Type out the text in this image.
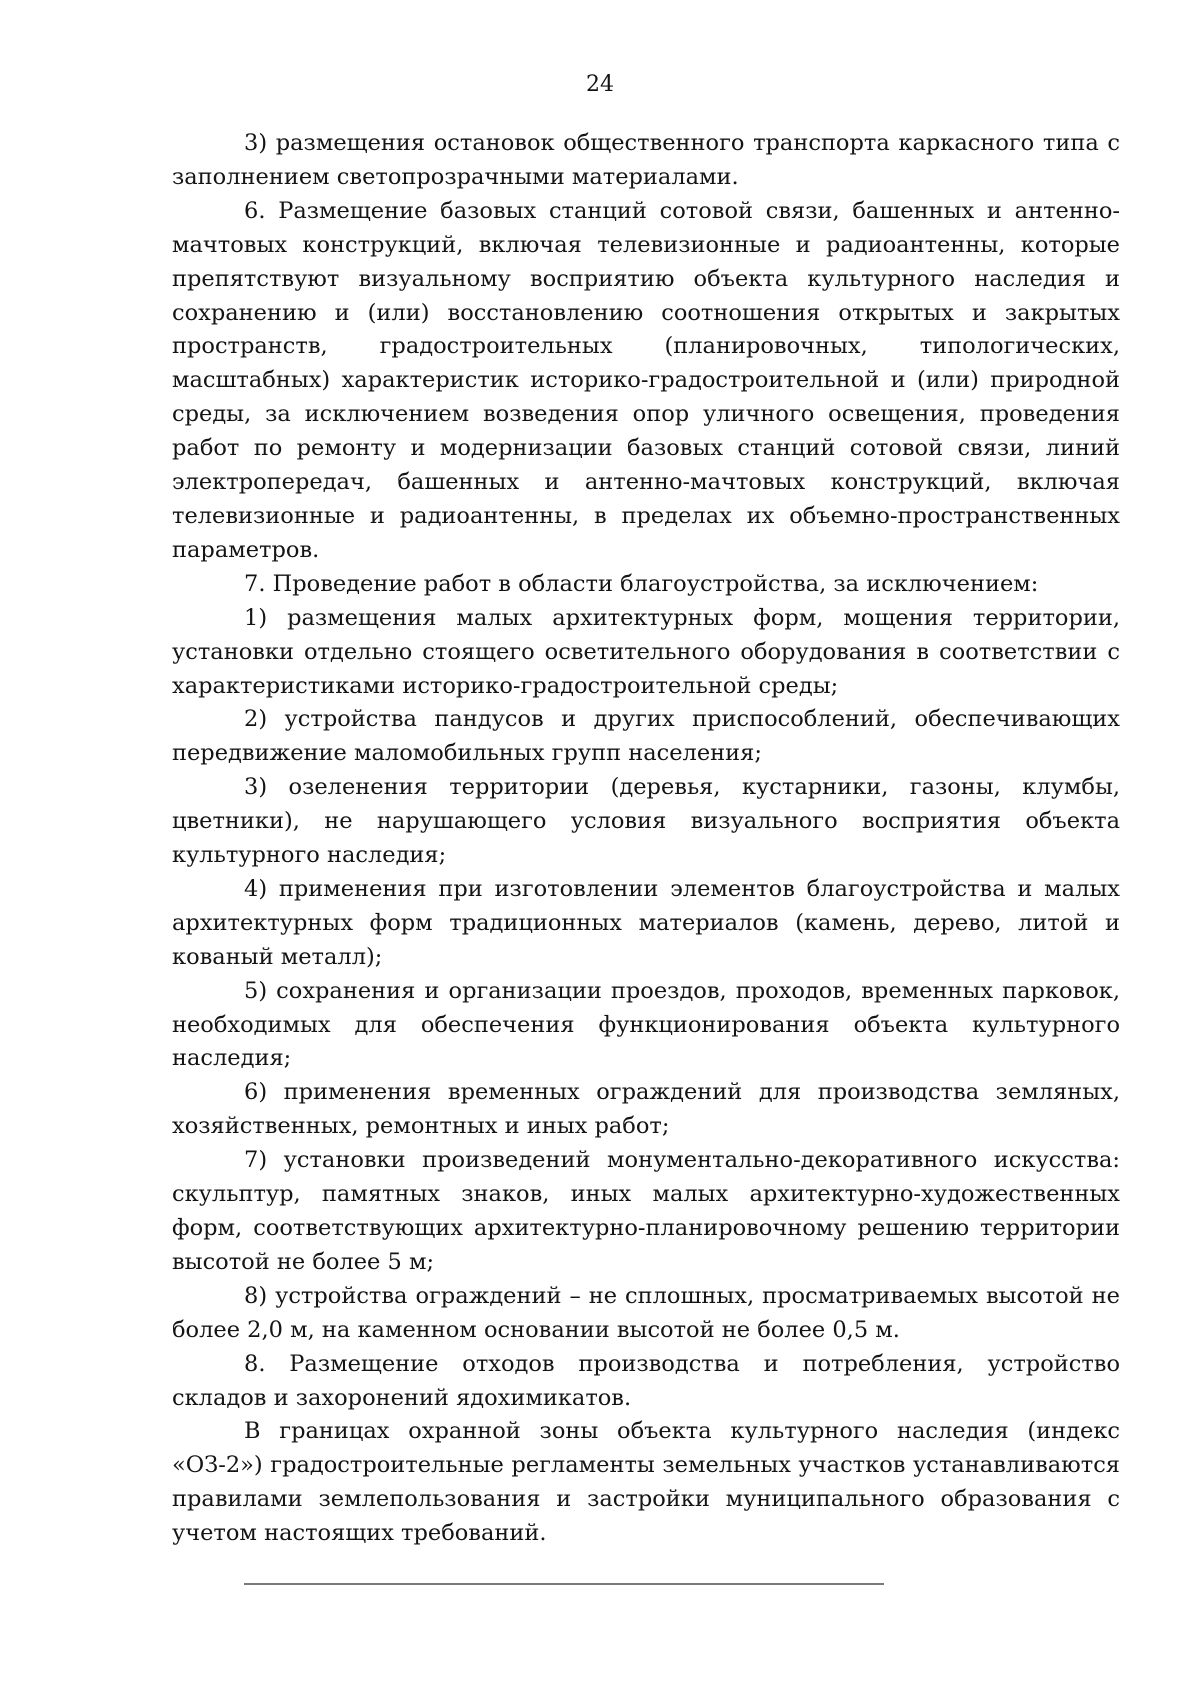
24

3) размещения остановок общественного транспорта каркасного типа с заполнением светопрозрачными материалами.

6. Размещение базовых станций сотовой связи, башенных и антенно-мачтовых конструкций, включая телевизионные и радиоантенны, которые препятствуют визуальному восприятию объекта культурного наследия и сохранению и (или) восстановлению соотношения открытых и закрытых пространств, градостроительных (планировочных, типологических, масштабных) характеристик историко-градостроительной и (или) природной среды, за исключением возведения опор уличного освещения, проведения работ по ремонту и модернизации базовых станций сотовой связи, линий электропередач, башенных и антенно-мачтовых конструкций, включая телевизионные и радиоантенны, в пределах их объемно-пространственных параметров.

7. Проведение работ в области благоустройства, за исключением:

1) размещения малых архитектурных форм, мощения территории, установки отдельно стоящего осветительного оборудования в соответствии с характеристиками историко-градостроительной среды;

2) устройства пандусов и других приспособлений, обеспечивающих передвижение маломобильных групп населения;

3) озеленения территории (деревья, кустарники, газоны, клумбы, цветники), не нарушающего условия визуального восприятия объекта культурного наследия;

4) применения при изготовлении элементов благоустройства и малых архитектурных форм традиционных материалов (камень, дерево, литой и кованый металл);

5) сохранения и организации проездов, проходов, временных парковок, необходимых для обеспечения функционирования объекта культурного наследия;

6) применения временных ограждений для производства земляных, хозяйственных, ремонтных и иных работ;

7) установки произведений монументально-декоративного искусства: скульптур, памятных знаков, иных малых архитектурно-художественных форм, соответствующих архитектурно-планировочному решению территории высотой не более 5 м;

8) устройства ограждений – не сплошных, просматриваемых высотой не более 2,0 м, на каменном основании высотой не более 0,5 м.

8. Размещение отходов производства и потребления, устройство складов и захоронений ядохимикатов.

В границах охранной зоны объекта культурного наследия (индекс «ОЗ-2») градостроительные регламенты земельных участков устанавливаются правилами землепользования и застройки муниципального образования с учетом настоящих требований.
